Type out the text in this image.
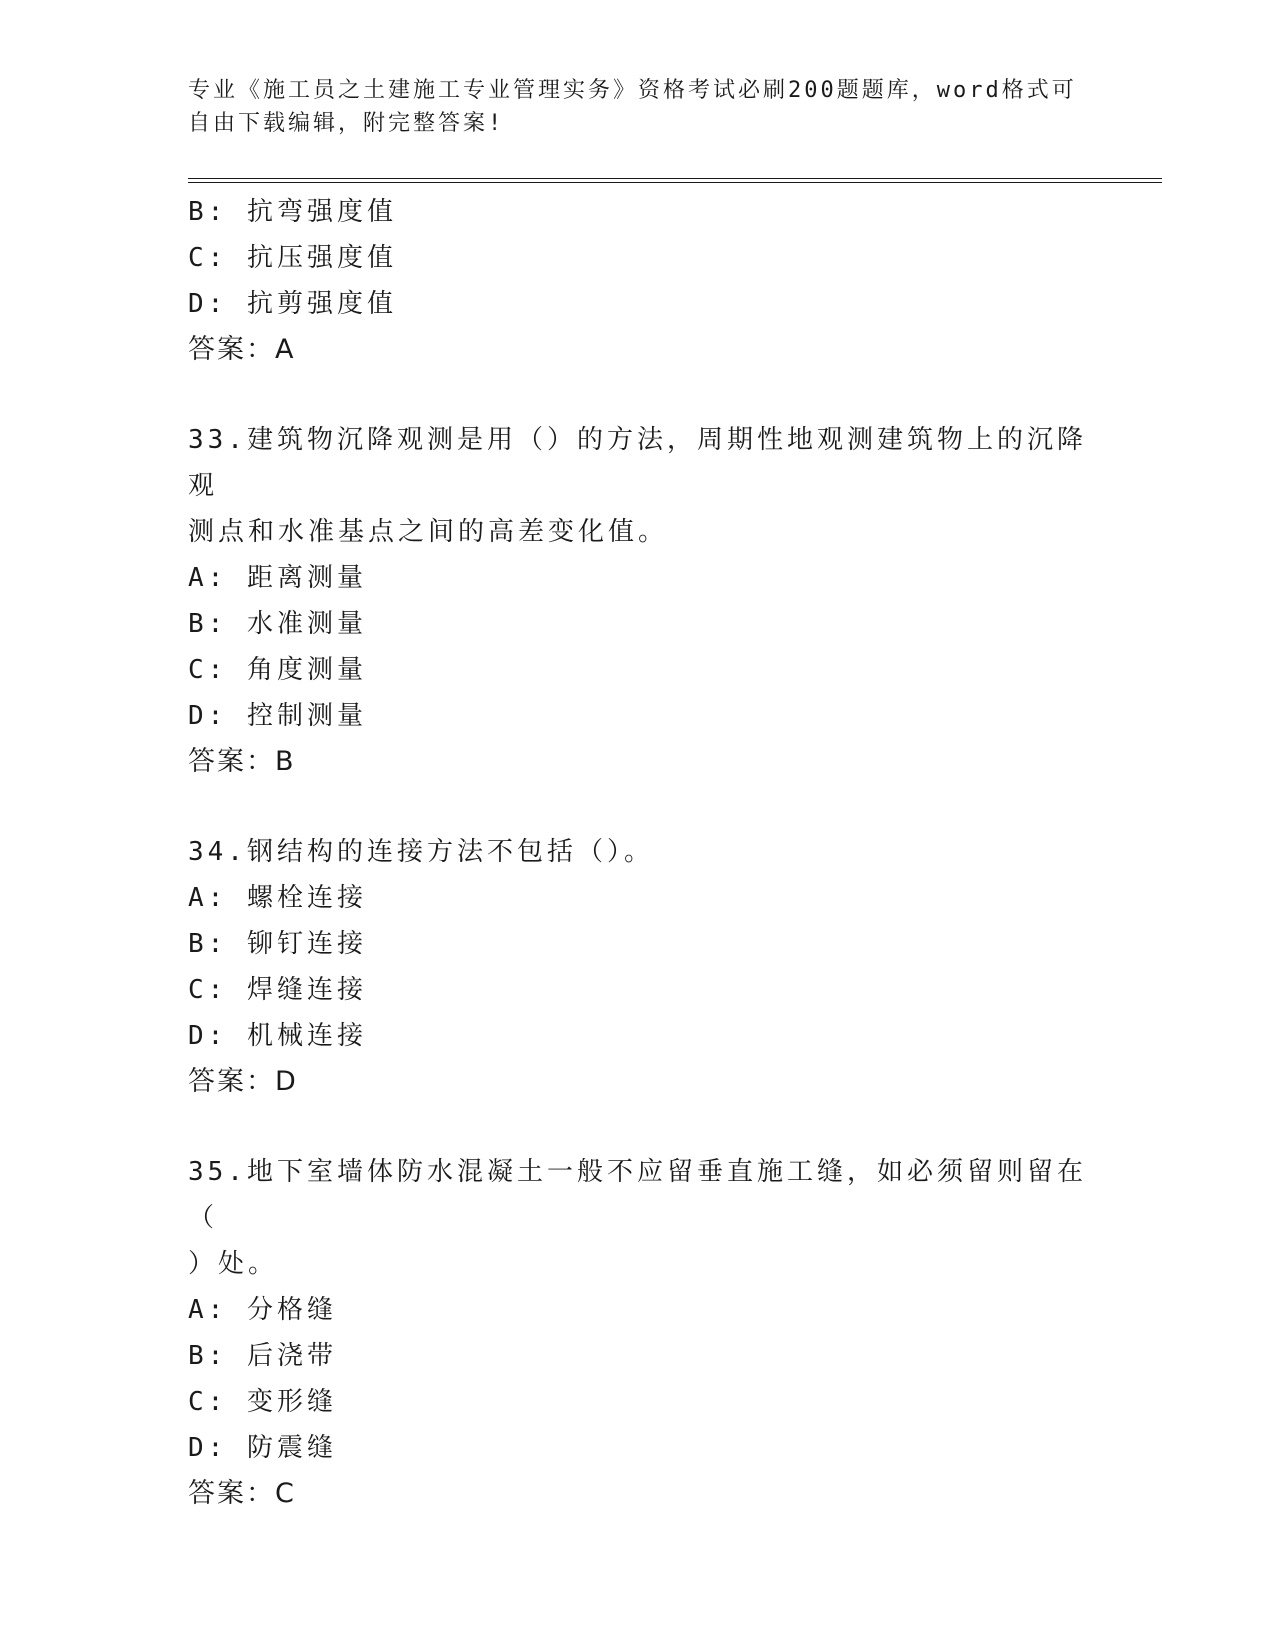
专业《施工员之土建施工专业管理实务》资格考试必刷200题题库，word格式可
自由下载编辑，附完整答案!
B: 抗弯强度值
C: 抗压强度值
D: 抗剪强度值
答案：A
33.建筑物沉降观测是用（）的方法，周期性地观测建筑物上的沉降观
测点和水准基点之间的高差变化值。
A: 距离测量
B: 水准测量
C: 角度测量
D: 控制测量
答案：B
34.钢结构的连接方法不包括（）。
A: 螺栓连接
B: 铆钉连接
C: 焊缝连接
D: 机械连接
答案：D
35.地下室墙体防水混凝土一般不应留垂直施工缝，如必须留则留在（
）处。
A: 分格缝
B: 后浇带
C: 变形缝
D: 防震缝
答案：C
